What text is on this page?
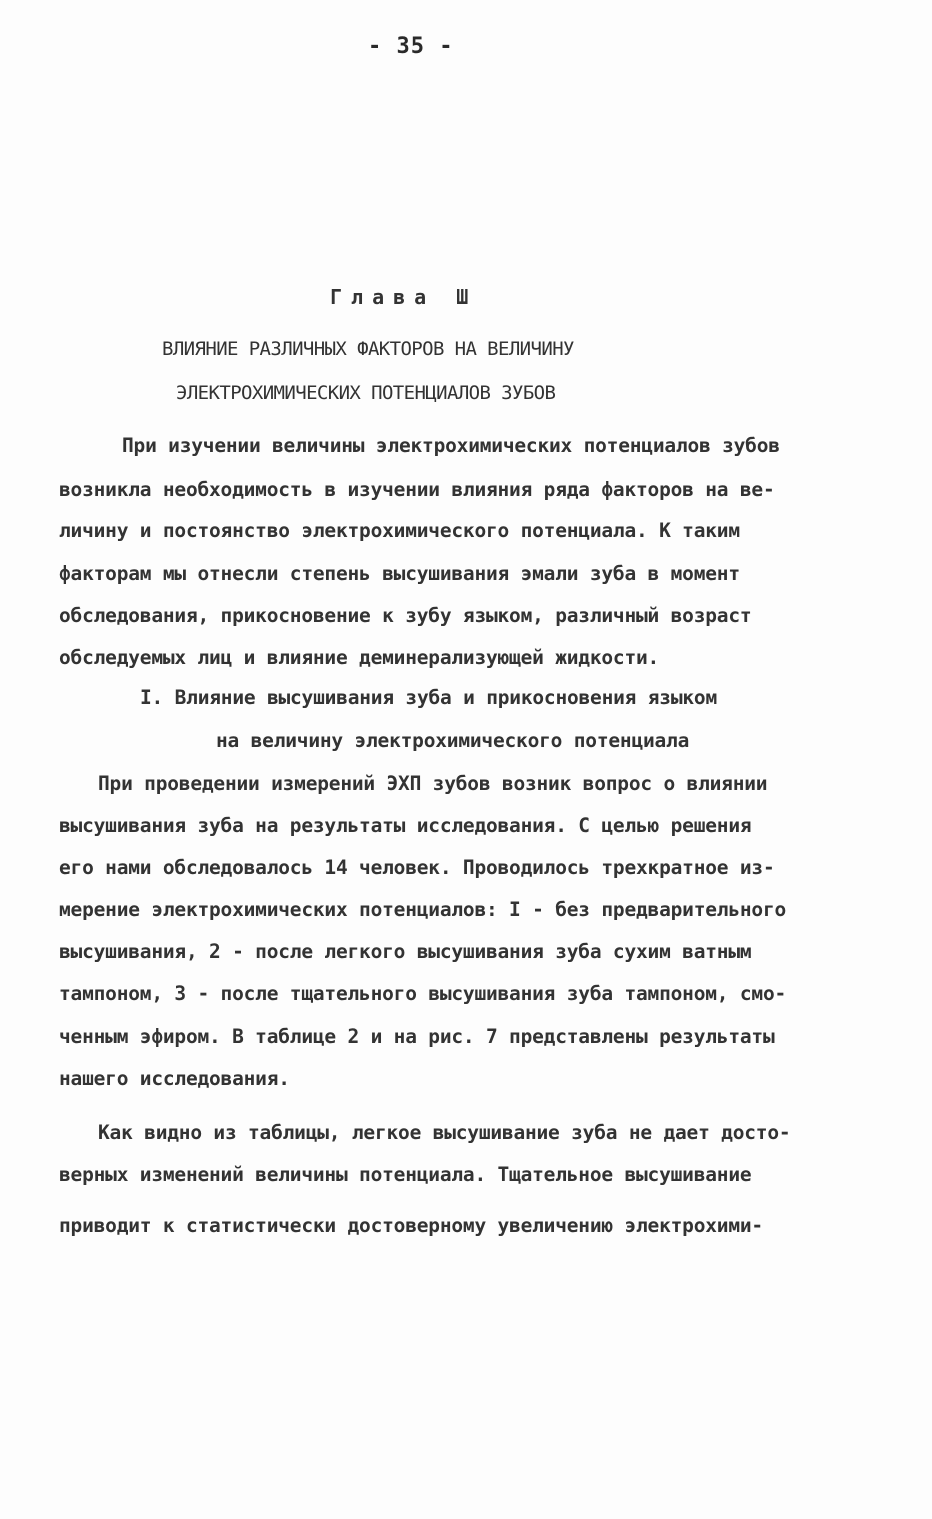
- 35 -
Глава Ш
ВЛИЯНИЕ РАЗЛИЧНЫХ ФАКТОРОВ НА ВЕЛИЧИНУ
ЭЛЕКТРОХИМИЧЕСКИХ ПОТЕНЦИАЛОВ ЗУБОВ
При изучении величины электрохимических потенциалов зубов
возникла необходимость в изучении влияния ряда факторов на ве-
личину и постоянство электрохимического потенциала. К таким
факторам мы отнесли степень высушивания эмали зуба в момент
обследования, прикосновение к зубу языком, различный возраст
обследуемых лиц и влияние деминерализующей жидкости.
I. Влияние высушивания зуба и прикосновения языком
на величину электрохимического потенциала
При проведении измерений ЭХП зубов возник вопрос о влиянии
высушивания зуба на результаты исследования. С целью решения
его нами обследовалось 14 человек. Проводилось трехкратное из-
мерение электрохимических потенциалов: I - без предварительного
высушивания, 2 - после легкого высушивания зуба сухим ватным
тампоном, 3 - после тщательного высушивания зуба тампоном, смо-
ченным эфиром. В таблице 2 и на рис. 7 представлены результаты
нашего исследования.
Как видно из таблицы, легкое высушивание зуба не дает досто-
верных изменений величины потенциала. Тщательное высушивание
приводит к статистически достоверному увеличению электрохими-
